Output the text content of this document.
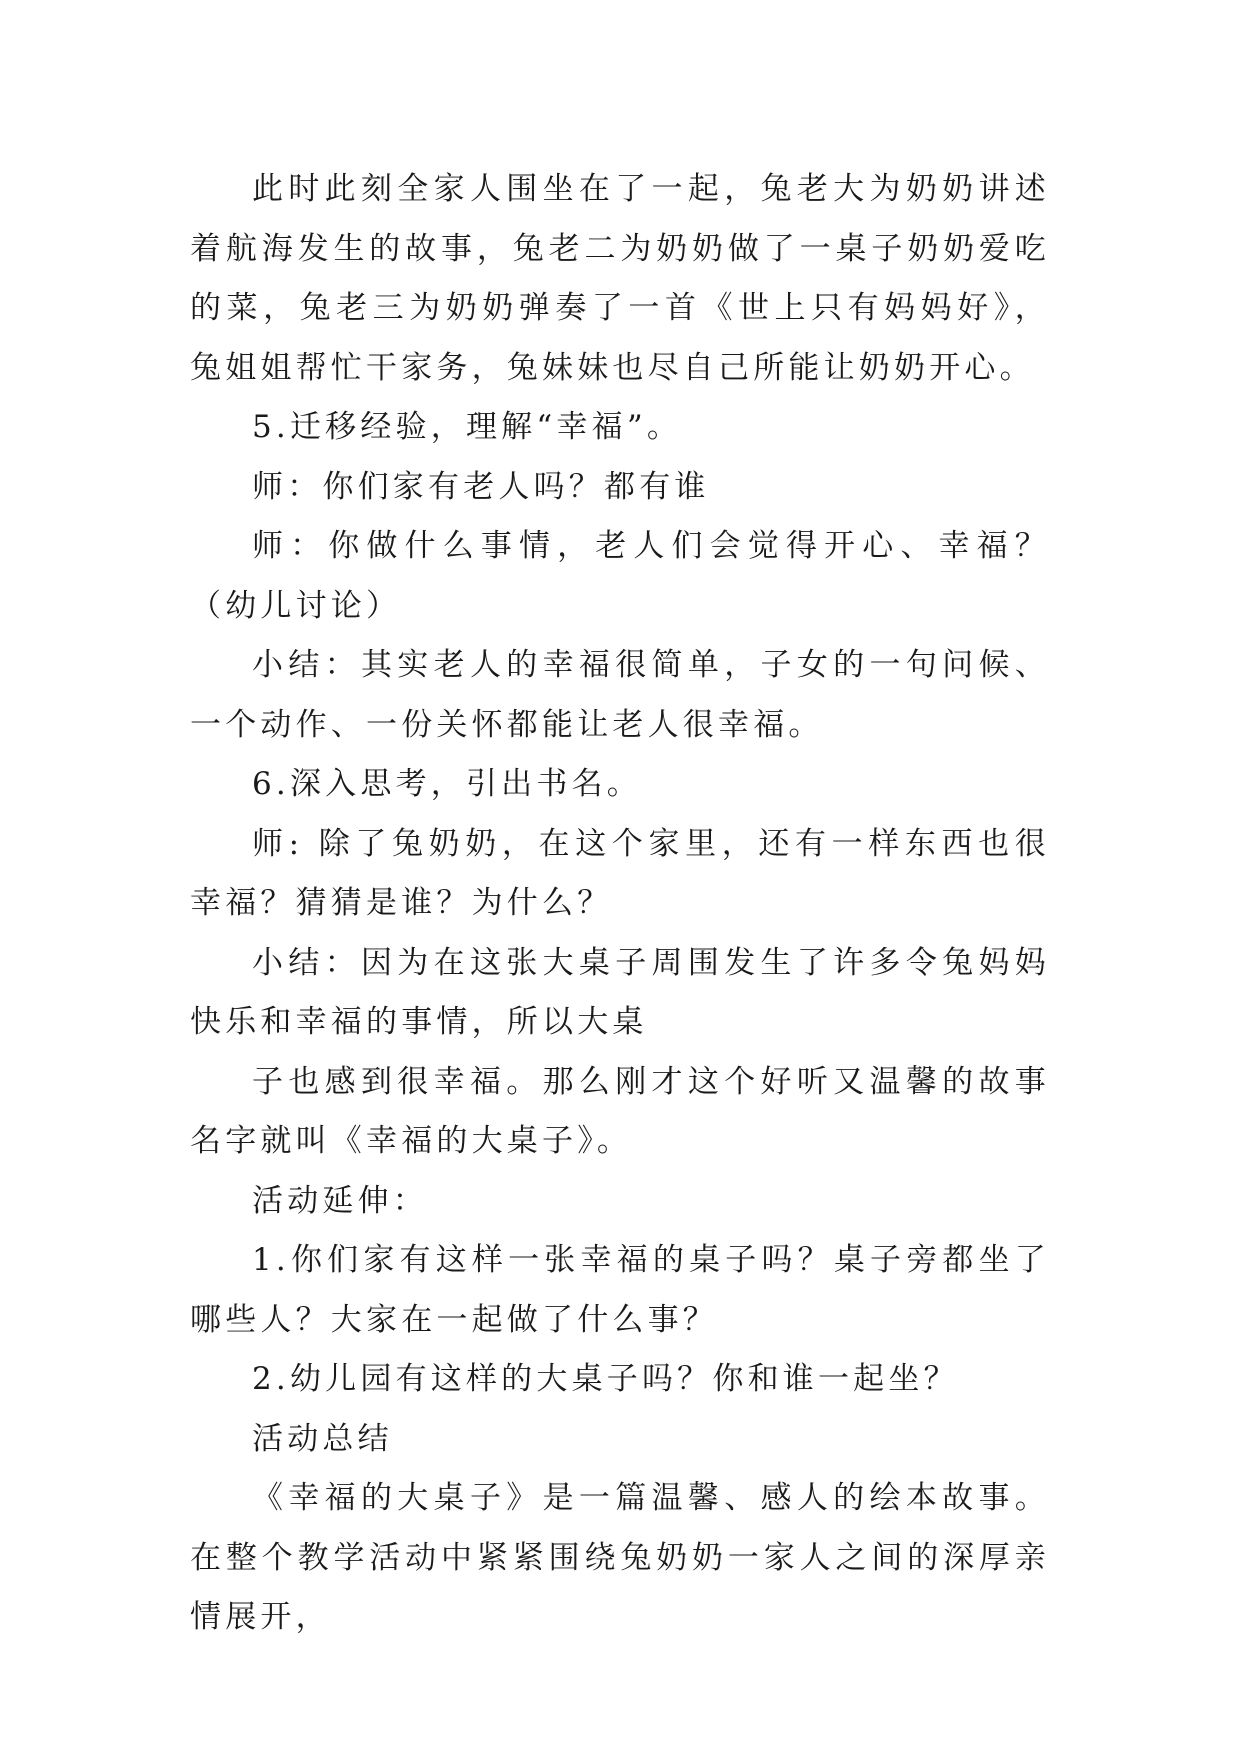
此时此刻全家人围坐在了一起，兔老大为奶奶讲述着航海发生的故事，兔老二为奶奶做了一桌子奶奶爱吃的菜，兔老三为奶奶弹奏了一首《世上只有妈妈好》，兔姐姐帮忙干家务，兔妹妹也尽自己所能让奶奶开心。

5.迁移经验，理解“幸福”。

师：你们家有老人吗？都有谁

师：你做什么事情，老人们会觉得开心、幸福？（幼儿讨论）

小结：其实老人的幸福很简单，子女的一句问候、一个动作、一份关怀都能让老人很幸福。

6.深入思考，引出书名。

师: 除了兔奶奶，在这个家里，还有一样东西也很幸福？猜猜是谁？为什么？

小结：因为在这张大桌子周围发生了许多令兔妈妈快乐和幸福的事情，所以大桌

子也感到很幸福。那么刚才这个好听又温馨的故事名字就叫《幸福的大桌子》。

活动延伸：

1.你们家有这样一张幸福的桌子吗？桌子旁都坐了哪些人？大家在一起做了什么事？

2.幼儿园有这样的大桌子吗？你和谁一起坐？

活动总结

《幸福的大桌子》是一篇温馨、感人的绘本故事。在整个教学活动中紧紧围绕兔奶奶一家人之间的深厚亲情展开，
